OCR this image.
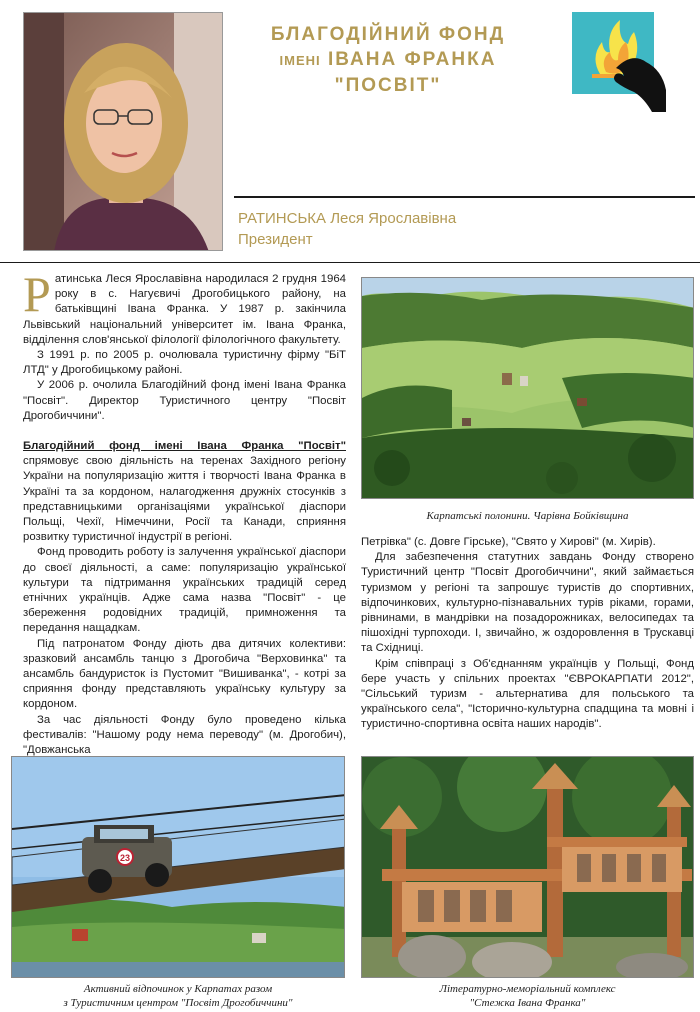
БЛАГОДІЙНИЙ ФОНД
ІМЕНІ ІВАНА ФРАНКА
"ПОСВІТ"
РАТИНСЬКА Леся Ярославівна
Президент

Ратинська Леся Ярославівна народилася 2 грудня 1964 року в с. Нагуєвичі Дрогобицького району, на батьківщині Івана Франка. У 1987 р. закінчила Львівський національний університет ім. Івана Франка, відділення слов'янської філології філологічного факультету.

З 1991 р. по 2005 р. очолювала туристичну фірму "БіТ ЛТД" у Дрогобицькому районі.

У 2006 р. очолила Благодійний фонд імені Івана Франка "Посвіт". Директор Туристичного центру "Посвіт Дрогобиччини".

Благодійний фонд імені Івана Франка "Посвіт" спрямовує свою діяльність на теренах Західного регіону України на популяризацію життя і творчості Івана Франка в Україні та за кордоном, налагодження дружніх стосунків з представницькими організаціями української діаспори Польщі, Чехії, Німеччини, Росії та Канади, сприяння розвитку туристичної індустрії в регіоні.

Фонд проводить роботу із залучення української діаспори до своєї діяльності, а саме: популяризацію української культури та підтримання українських традицій серед етнічних українців. Адже сама назва "Посвіт" - це збереження родовідних традицій, примноження та передання нащадкам.

Під патронатом Фонду діють два дитячих колективи: зразковий ансамбль танцю з Дрогобича "Верховинка" та ансамбль бандуристок із Пустомит "Вишиванка", - котрі за сприяння фонду представляють українську культуру за кордоном.

За час діяльності Фонду було проведено кілька фестивалів: "Нашому роду нема переводу" (м. Дрогобич), "Довжанська

Карпатські полонини. Чарівна Бойківщина

Петрівка" (с. Довге Гірське), "Свято у Хирові" (м. Хирів).

Для забезпечення статутних завдань Фонду створено Туристичний центр "Посвіт Дрогобиччини", який займається туризмом у регіоні та запрошує туристів до спортивних, відпочинкових, культурно-пізнавальних турів ріками, горами, рівнинами, в мандрівки на позадорожниках, велосипедах та пішохідні турпоходи. І, звичайно, ж оздоровлення в Трускавці та Східниці.

Крім співпраці з Об'єднанням українців у Польщі, Фонд бере участь у спільних проектах "ЄВРОКАРПАТИ 2012", "Сільський туризм - альтернатива для польського та українського села", "Історично-культурна спадщина та мовні і туристично-спортивна освіта наших народів".

23
Активний відпочинок у Карпатах разом
з Туристичним центром "Посвіт Дрогобиччини"
Літературно-меморіальний комплекс
"Стежка Івана Франка"
